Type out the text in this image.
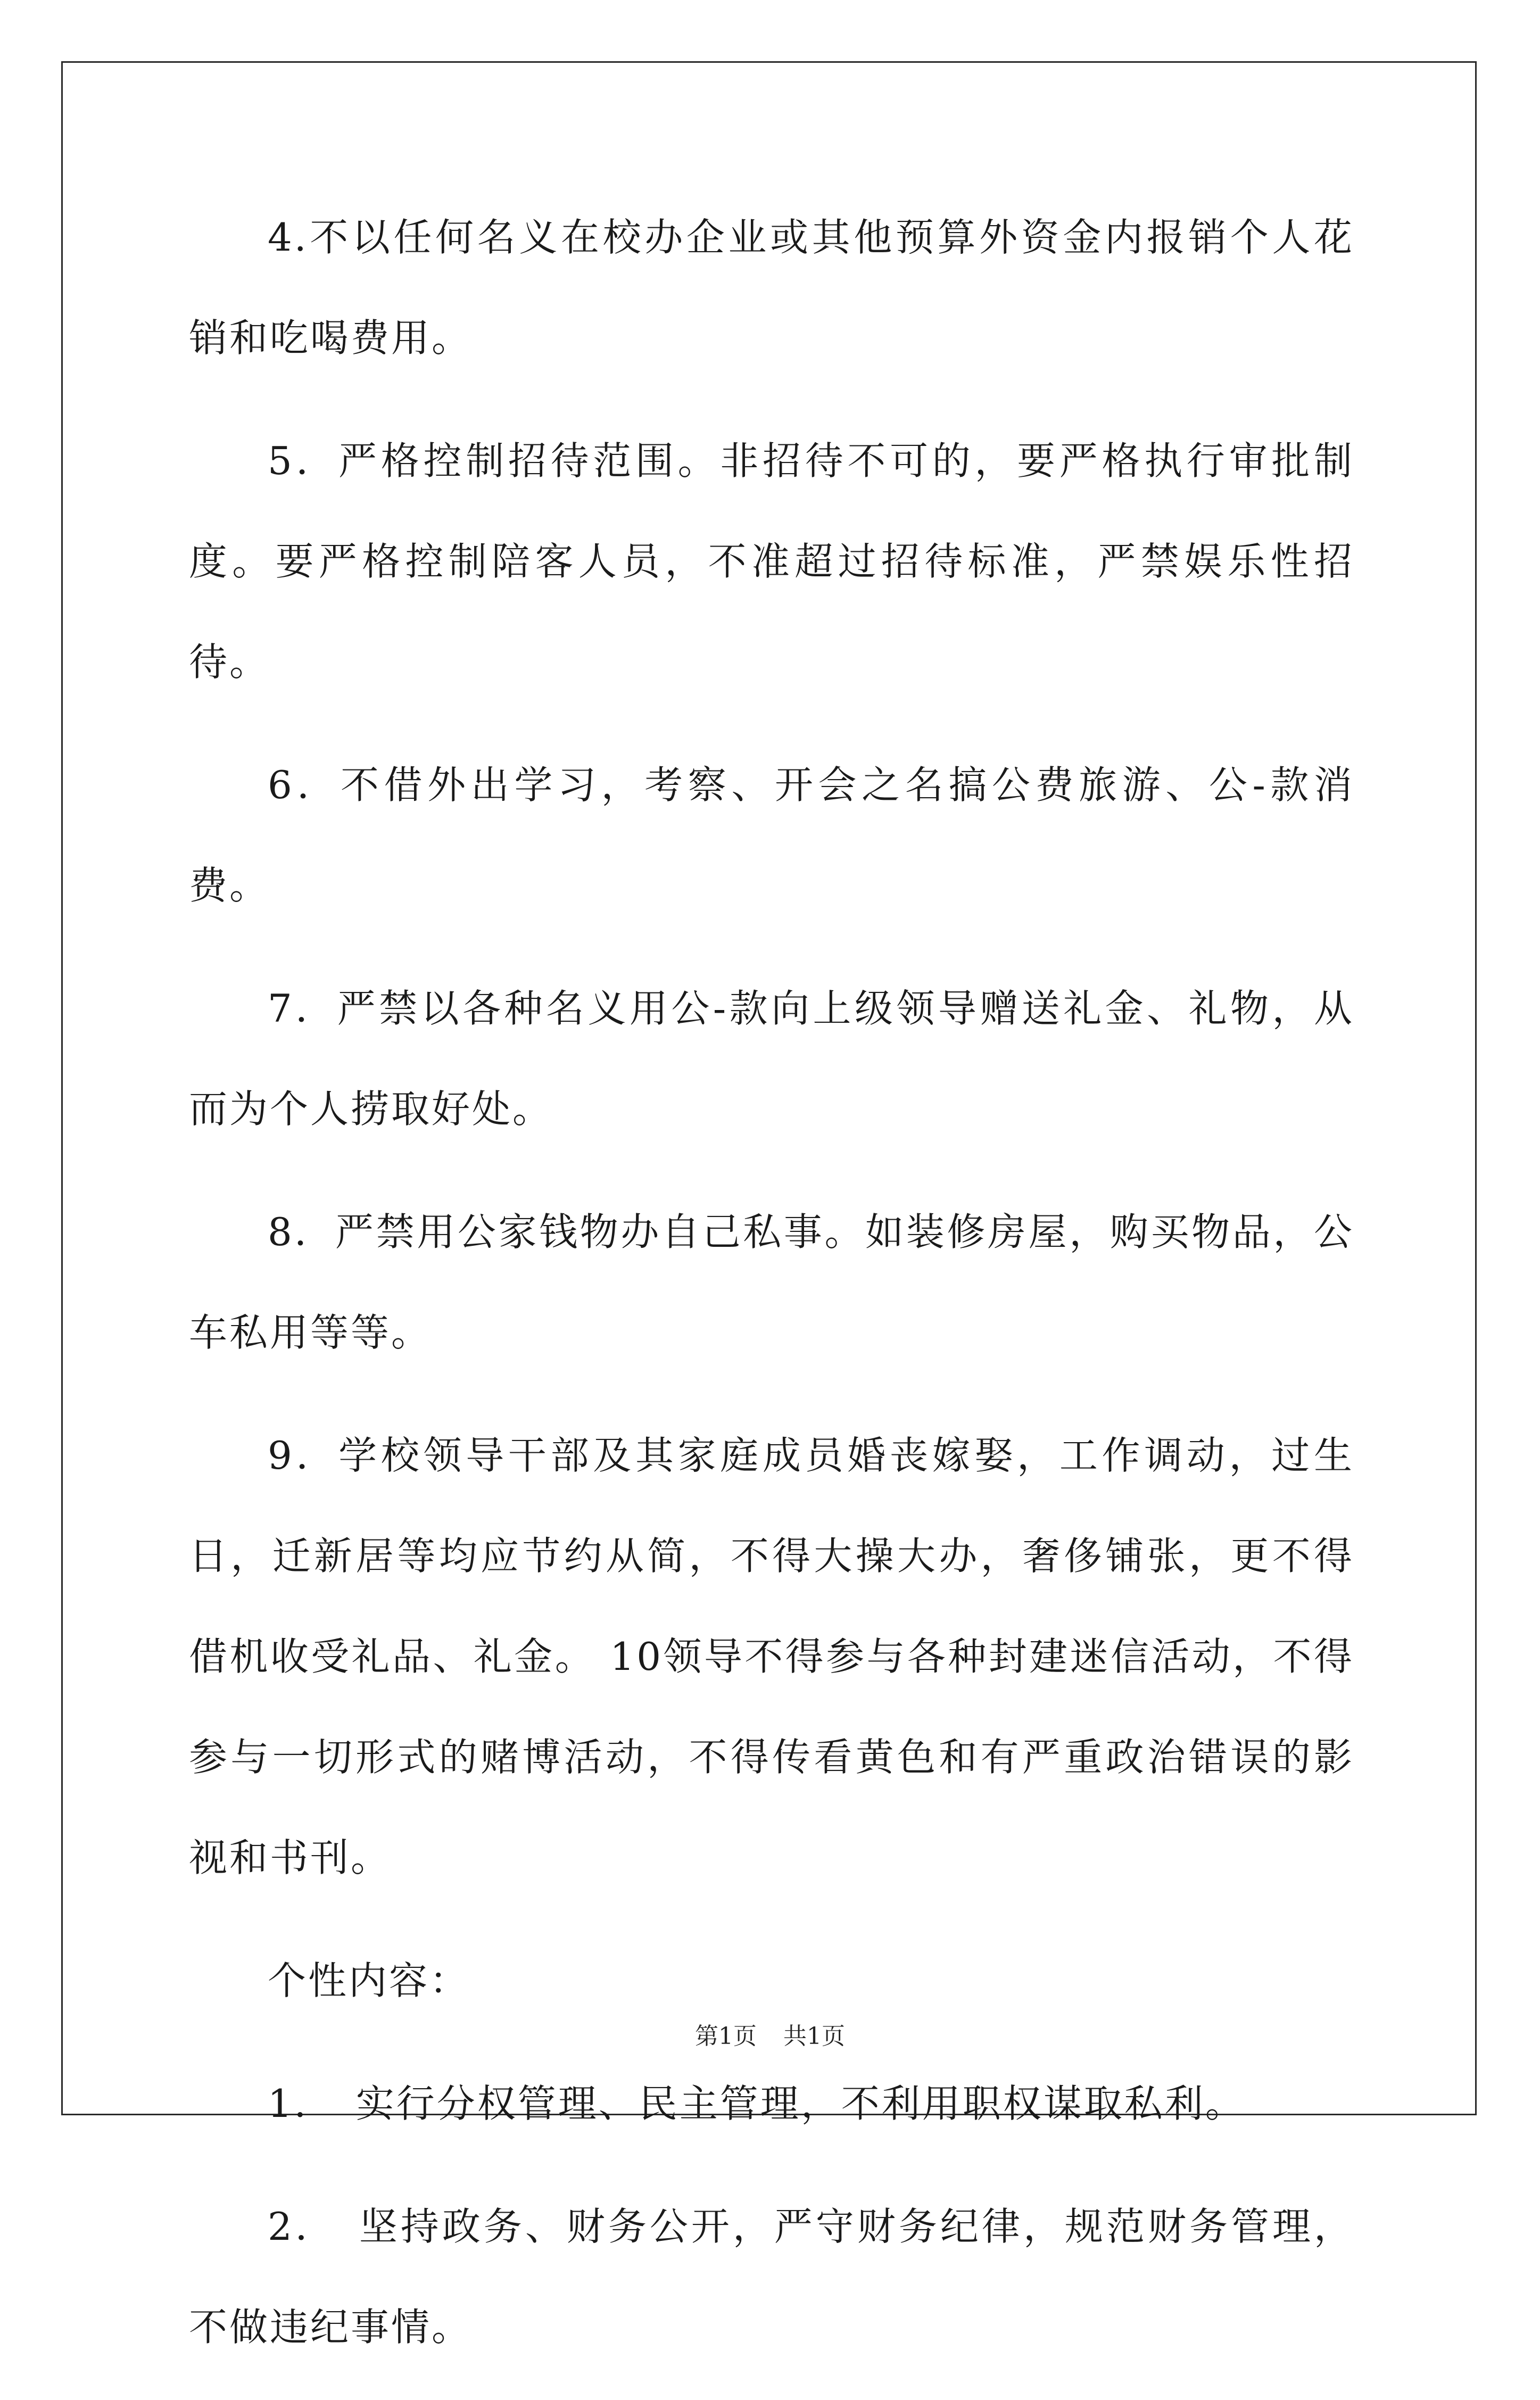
4.不以任何名义在校办企业或其他预算外资金内报销个人花销和吃喝费用。

5．严格控制招待范围。非招待不可的，要严格执行审批制度。要严格控制陪客人员，不准超过招待标准，严禁娱乐性招待。

6．不借外出学习，考察、开会之名搞公费旅游、公-款消费。

7．严禁以各种名义用公-款向上级领导赠送礼金、礼物，从而为个人捞取好处。

8．严禁用公家钱物办自己私事。如装修房屋，购买物品，公车私用等等。

9．学校领导干部及其家庭成员婚丧嫁娶，工作调动，过生日，迁新居等均应节约从简，不得大操大办，奢侈铺张，更不得借机收受礼品、礼金。 10领导不得参与各种封建迷信活动，不得参与一切形式的赌博活动，不得传看黄色和有严重政治错误的影视和书刊。

个性内容：

1．　实行分权管理、民主管理，不利用职权谋取私利。

2．　坚持政务、财务公开，严守财务纪律，规范财务管理，不做违纪事情。

第1页 共1页
